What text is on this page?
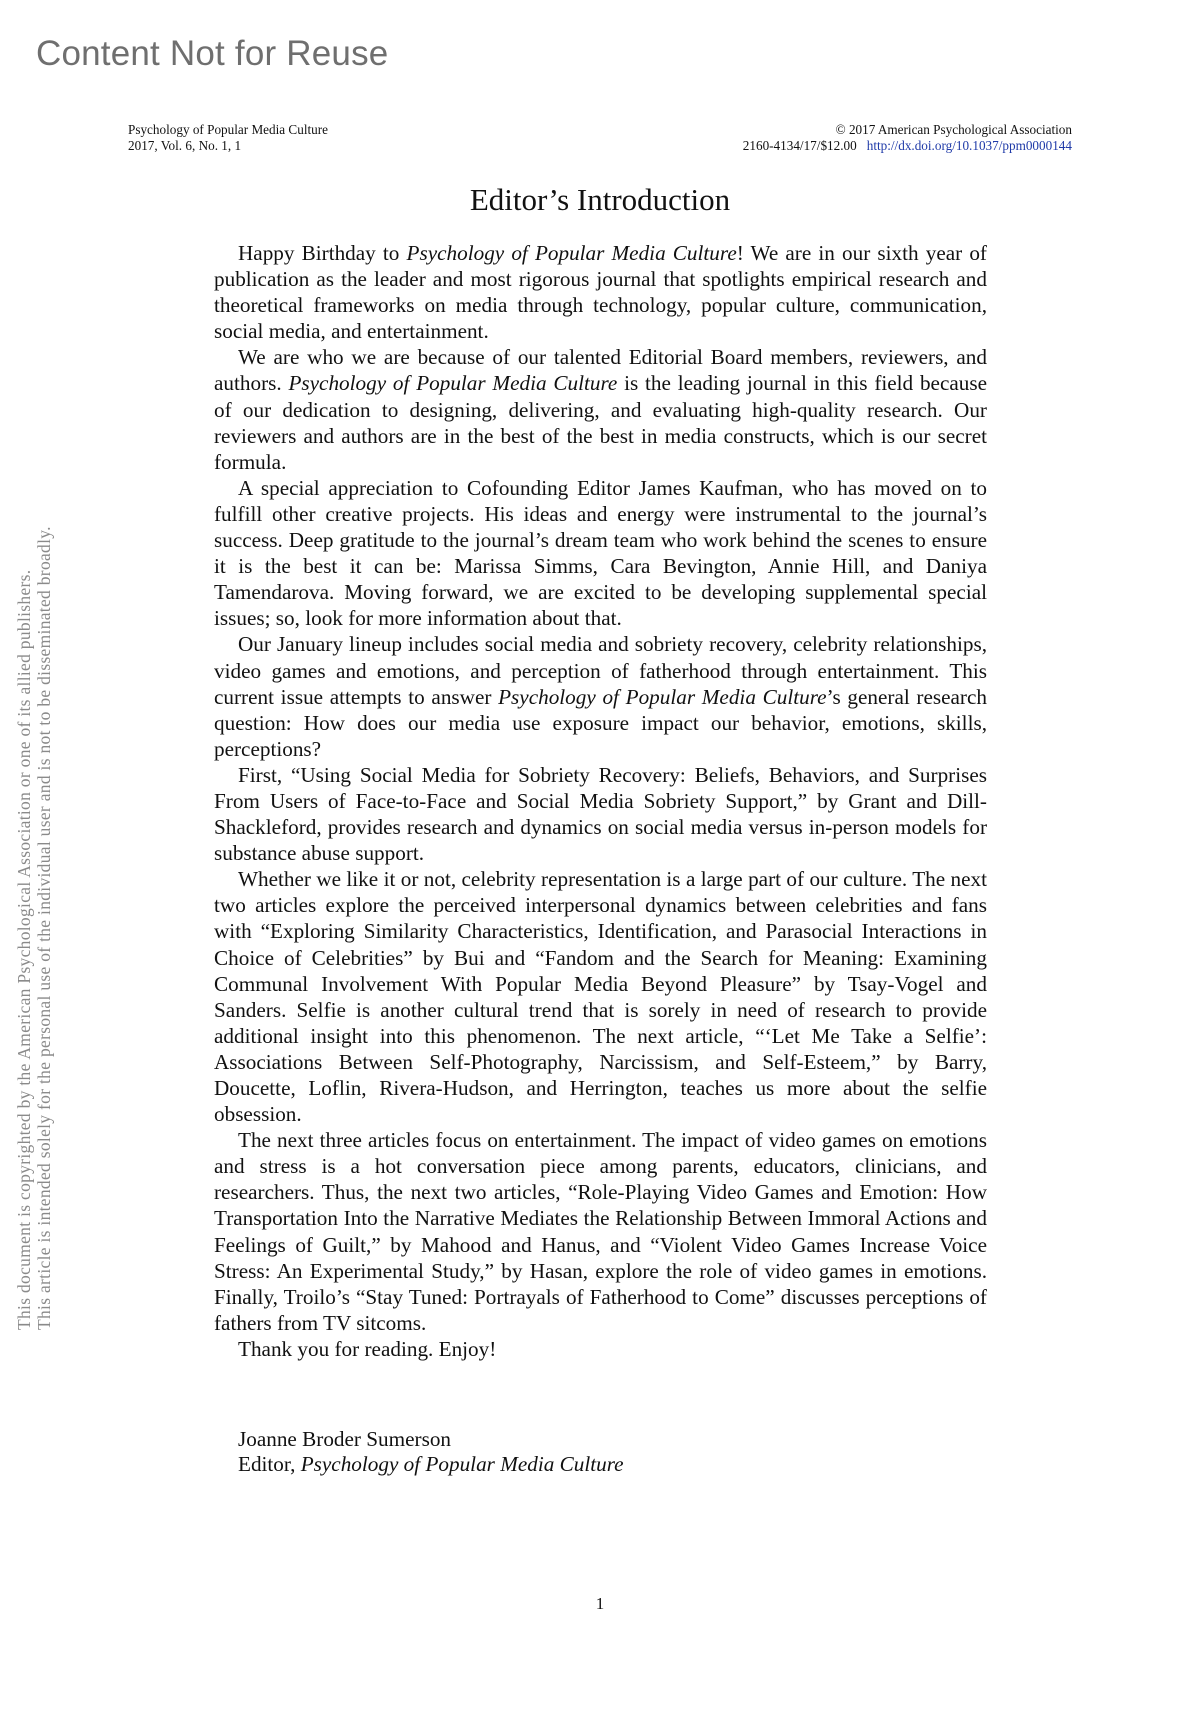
Content Not for Reuse
Psychology of Popular Media Culture
2017, Vol. 6, No. 1, 1
© 2017 American Psychological Association
2160-4134/17/$12.00 http://dx.doi.org/10.1037/ppm0000144
This document is copyrighted by the American Psychological Association or one of its allied publishers. This article is intended solely for the personal use of the individual user and is not to be disseminated broadly.
Editor’s Introduction

Happy Birthday to Psychology of Popular Media Culture! We are in our sixth year of publication as the leader and most rigorous journal that spotlights empirical research and theoretical frameworks on media through technology, popular culture, communication, social media, and entertainment.

We are who we are because of our talented Editorial Board members, reviewers, and authors. Psychology of Popular Media Culture is the leading journal in this field because of our dedication to designing, delivering, and evaluating high-quality research. Our reviewers and authors are in the best of the best in media constructs, which is our secret formula.

A special appreciation to Cofounding Editor James Kaufman, who has moved on to fulfill other creative projects. His ideas and energy were instrumental to the journal’s success. Deep gratitude to the journal’s dream team who work behind the scenes to ensure it is the best it can be: Marissa Simms, Cara Bevington, Annie Hill, and Daniya Tamendarova. Moving forward, we are excited to be developing supplemental special issues; so, look for more information about that.

Our January lineup includes social media and sobriety recovery, celebrity relationships, video games and emotions, and perception of fatherhood through entertainment. This current issue attempts to answer Psychology of Popular Media Culture’s general research question: How does our media use exposure impact our behavior, emotions, skills, perceptions?

First, “Using Social Media for Sobriety Recovery: Beliefs, Behaviors, and Surprises From Users of Face-to-Face and Social Media Sobriety Support,” by Grant and Dill-Shackleford, provides research and dynamics on social media versus in-person models for substance abuse support.

Whether we like it or not, celebrity representation is a large part of our culture. The next two articles explore the perceived interpersonal dynamics between celebrities and fans with “Exploring Similarity Characteristics, Identification, and Parasocial Interactions in Choice of Celebrities” by Bui and “Fandom and the Search for Meaning: Examining Communal Involvement With Popular Media Beyond Pleasure” by Tsay-Vogel and Sanders. Selfie is another cultural trend that is sorely in need of research to provide additional insight into this phenomenon. The next article, “‘Let Me Take a Selfie’: Associations Between Self-Photography, Narcissism, and Self-Esteem,” by Barry, Doucette, Loflin, Rivera-Hudson, and Herrington, teaches us more about the selfie obsession.

The next three articles focus on entertainment. The impact of video games on emotions and stress is a hot conversation piece among parents, educators, clinicians, and researchers. Thus, the next two articles, “Role-Playing Video Games and Emotion: How Transportation Into the Narrative Mediates the Relationship Between Immoral Actions and Feelings of Guilt,” by Mahood and Hanus, and “Violent Video Games Increase Voice Stress: An Experimental Study,” by Hasan, explore the role of video games in emotions. Finally, Troilo’s “Stay Tuned: Portrayals of Fatherhood to Come” discusses perceptions of fathers from TV sitcoms.

Thank you for reading. Enjoy!

Joanne Broder Sumerson
Editor, Psychology of Popular Media Culture
1
